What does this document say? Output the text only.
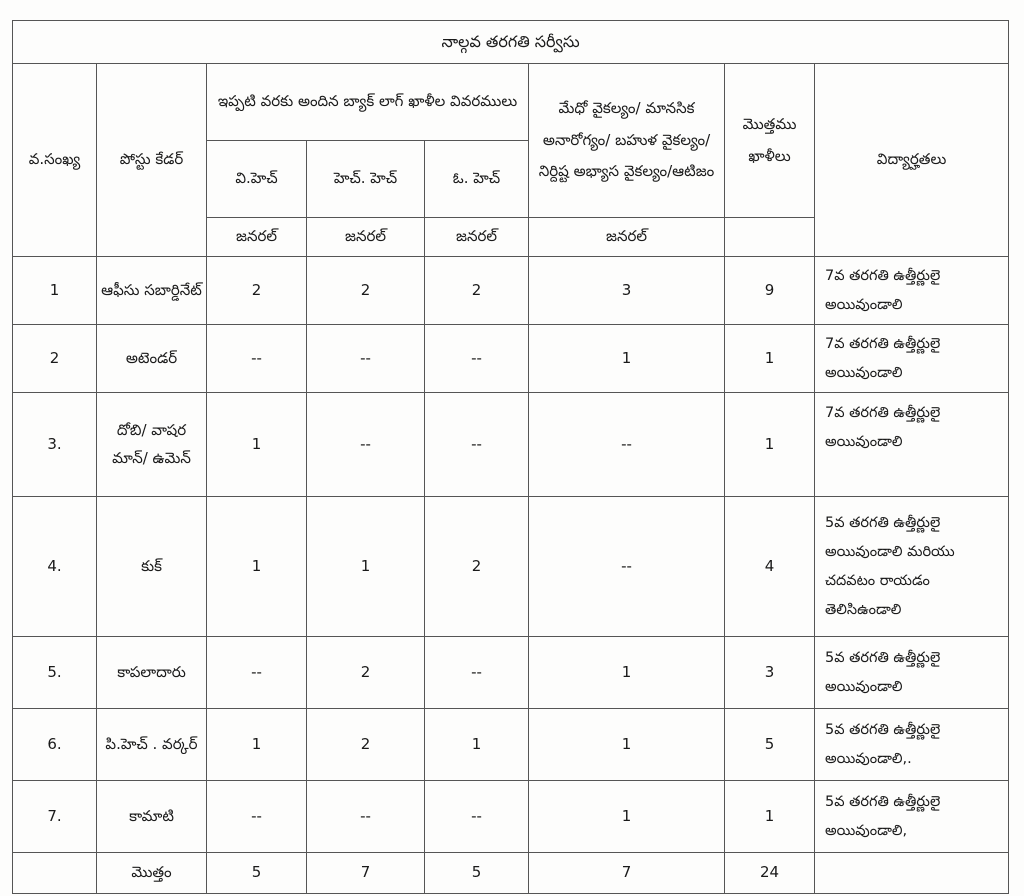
నాల్గవ తరగతి సర్వీసు							
వ.సంఖ్య	పోస్టు కేడర్	ఇప్పటి వరకు అందిన బ్యాక్ లాగ్ ఖాళీల వివరములు			మేధో వైకల్యం/ మానసిక అనారోగ్యం/ బహుళ వైకల్యం/ నిర్దిష్ట అభ్యాస వైకల్యం/ఆటిజం	మొత్తము ఖాళీలు	విద్యార్హతలు
		వి.హెచ్	హెచ్. హెచ్	ఓ. హెచ్			
		జనరల్	జనరల్	జనరల్	జనరల్		
1	ఆఫీసు సబార్డినేట్	2	2	2	3	9	7వ తరగతి ఉత్తీర్ణులై అయివుండాలి
2	అటెండర్	--	--	--	1	1	7వ తరగతి ఉత్తీర్ణులై అయివుండాలి
3.	దోబి/ వాషర మాన్/ ఉమెన్	1	--	--	--	1	7వ తరగతి ఉత్తీర్ణులై అయివుండాలి
4.	కుక్	1	1	2	--	4	5వ తరగతి ఉత్తీర్ణులై అయివుండాలి మరియు చదవటం రాయడం తెలిసిఉండాలి
5.	కాపలాదారు	--	2	--	1	3	5వ తరగతి ఉత్తీర్ణులై అయివుండాలి
6.	పి.హెచ్ . వర్కర్	1	2	1	1	5	5వ తరగతి ఉత్తీర్ణులై అయివుండాలి,.
7.	కామాటి	--	--	--	1	1	5వ తరగతి ఉత్తీర్ణులై అయివుండాలి,
	మొత్తం	5	7	5	7	24	
